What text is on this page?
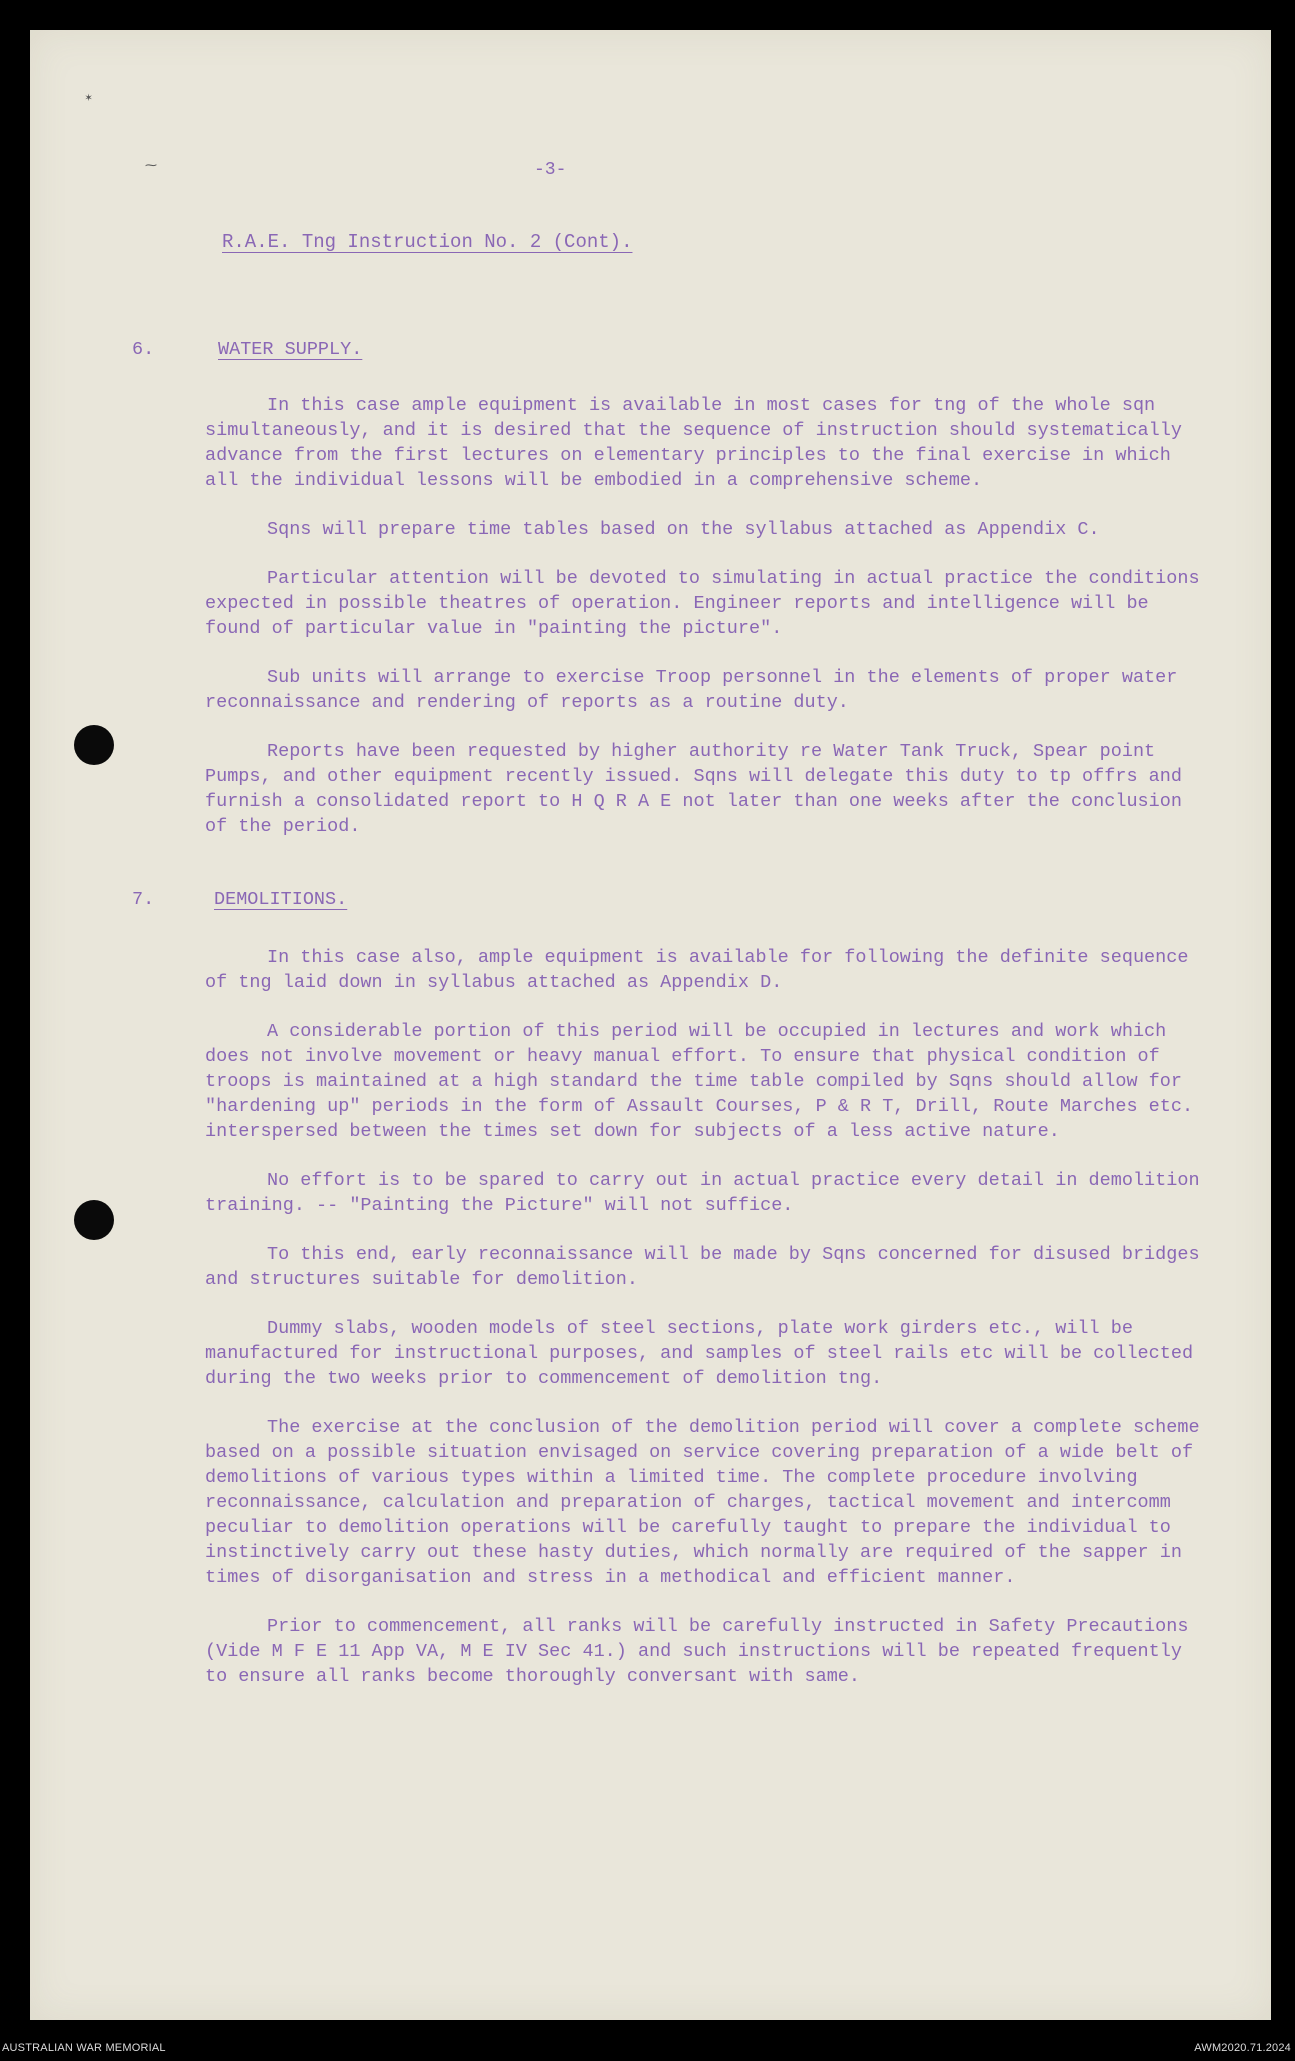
✶
⁓	-3-
R.A.E. Tng Instruction No. 2 (Cont).
6.	WATER SUPPLY.

In this case ample equipment is available in most cases for tng of the whole sqn simultaneously, and it is desired that the sequence of instruction should systematically advance from the first lectures on elementary principles to the final exercise in which all the individual lessons will be embodied in a comprehensive scheme.

Sqns will prepare time tables based on the syllabus attached as Appendix C.

Particular attention will be devoted to simulating in actual practice the conditions expected in possible theatres of operation. Engineer reports and intelligence will be found of particular value in "painting the picture".

Sub units will arrange to exercise Troop personnel in the elements of proper water reconnaissance and rendering of reports as a routine duty.

Reports have been requested by higher authority re Water Tank Truck, Spear point Pumps, and other equipment recently issued. Sqns will delegate this duty to tp offrs and furnish a consolidated report to H Q R A E not later than one weeks after the conclusion of the period.

7.	DEMOLITIONS.

In this case also, ample equipment is available for following the definite sequence of tng laid down in syllabus attached as Appendix D.

A considerable portion of this period will be occupied in lectures and work which does not involve movement or heavy manual effort. To ensure that physical condition of troops is maintained at a high standard the time table compiled by Sqns should allow for "hardening up" periods in the form of Assault Courses, P & R T, Drill, Route Marches etc. interspersed between the times set down for subjects of a less active nature.

No effort is to be spared to carry out in actual practice every detail in demolition training. -- "Painting the Picture" will not suffice.

To this end, early reconnaissance will be made by Sqns concerned for disused bridges and structures suitable for demolition.

Dummy slabs, wooden models of steel sections, plate work girders etc., will be manufactured for instructional purposes, and samples of steel rails etc will be collected during the two weeks prior to commencement of demolition tng.

The exercise at the conclusion of the demolition period will cover a complete scheme based on a possible situation envisaged on service covering preparation of a wide belt of demolitions of various types within a limited time. The complete procedure involving reconnaissance, calculation and preparation of charges, tactical movement and intercomm peculiar to demolition operations will be carefully taught to prepare the individual to instinctively carry out these hasty duties, which normally are required of the sapper in times of disorganisation and stress in a methodical and efficient manner.

Prior to commencement, all ranks will be carefully instructed in Safety Precautions (Vide M F E 11 App VA, M E IV Sec 41.) and such instructions will be repeated frequently to ensure all ranks become thoroughly conversant with same.

AUSTRALIAN WAR MEMORIAL	AWM2020.71.2024
